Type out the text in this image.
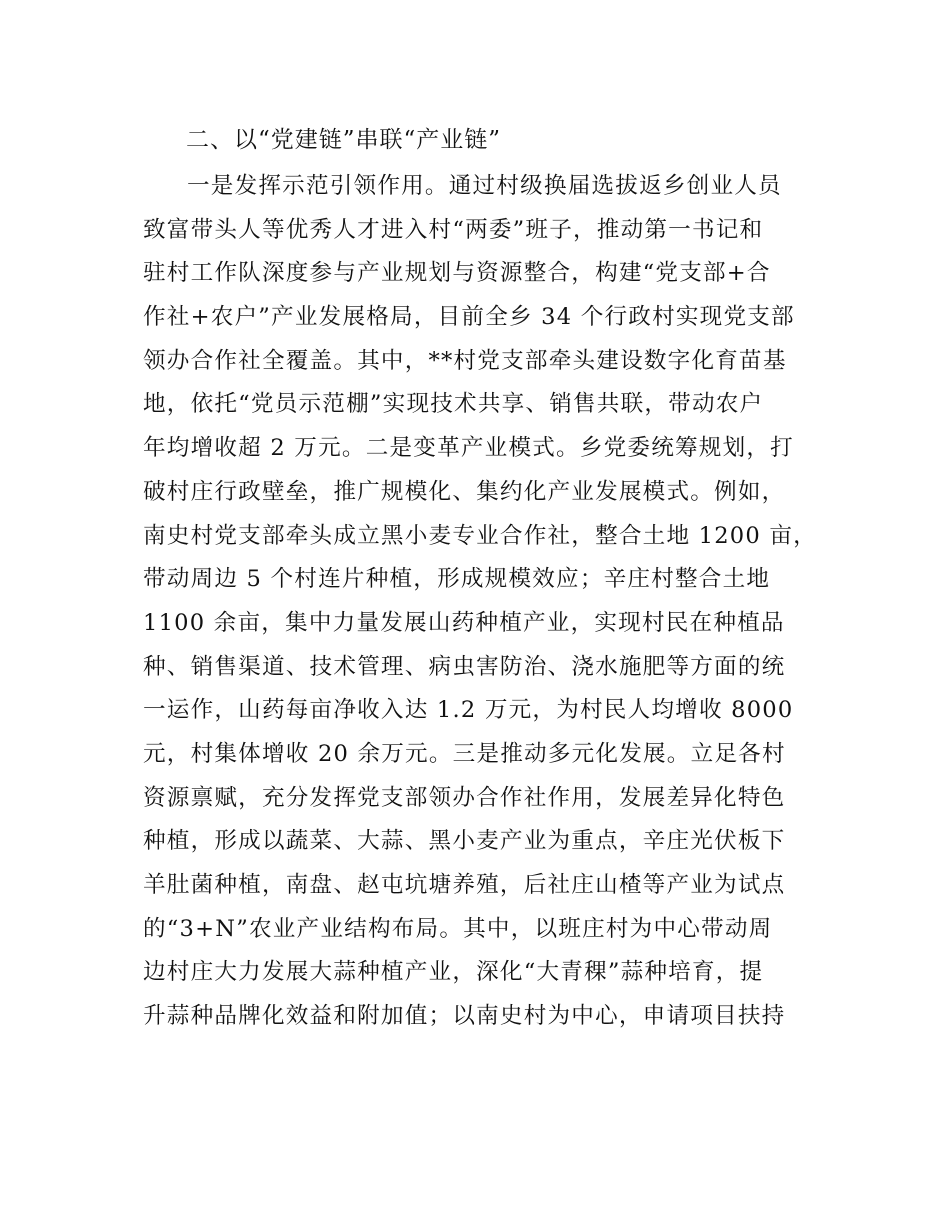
二、以“党建链”串联“产业链”
一是发挥示范引领作用。通过村级换届选拔返乡创业人员
致富带头人等优秀人才进入村“两委”班子，推动第一书记和
驻村工作队深度参与产业规划与资源整合，构建“党支部+合
作社+农户”产业发展格局，目前全乡 34 个行政村实现党支部
领办合作社全覆盖。其中，**村党支部牵头建设数字化育苗基
地，依托“党员示范棚”实现技术共享、销售共联，带动农户
年均增收超 2 万元。二是变革产业模式。乡党委统筹规划，打
破村庄行政壁垒，推广规模化、集约化产业发展模式。例如，
南史村党支部牵头成立黑小麦专业合作社，整合土地 1200 亩，
带动周边 5 个村连片种植，形成规模效应；辛庄村整合土地
1100 余亩，集中力量发展山药种植产业，实现村民在种植品
种、销售渠道、技术管理、病虫害防治、浇水施肥等方面的统
一运作，山药每亩净收入达 1.2 万元，为村民人均增收 8000
元，村集体增收 20 余万元。三是推动多元化发展。立足各村
资源禀赋，充分发挥党支部领办合作社作用，发展差异化特色
种植，形成以蔬菜、大蒜、黑小麦产业为重点，辛庄光伏板下
羊肚菌种植，南盘、赵屯坑塘养殖，后社庄山楂等产业为试点
的“3+N”农业产业结构布局。其中，以班庄村为中心带动周
边村庄大力发展大蒜种植产业，深化“大青稞”蒜种培育，提
升蒜种品牌化效益和附加值；以南史村为中心，申请项目扶持
